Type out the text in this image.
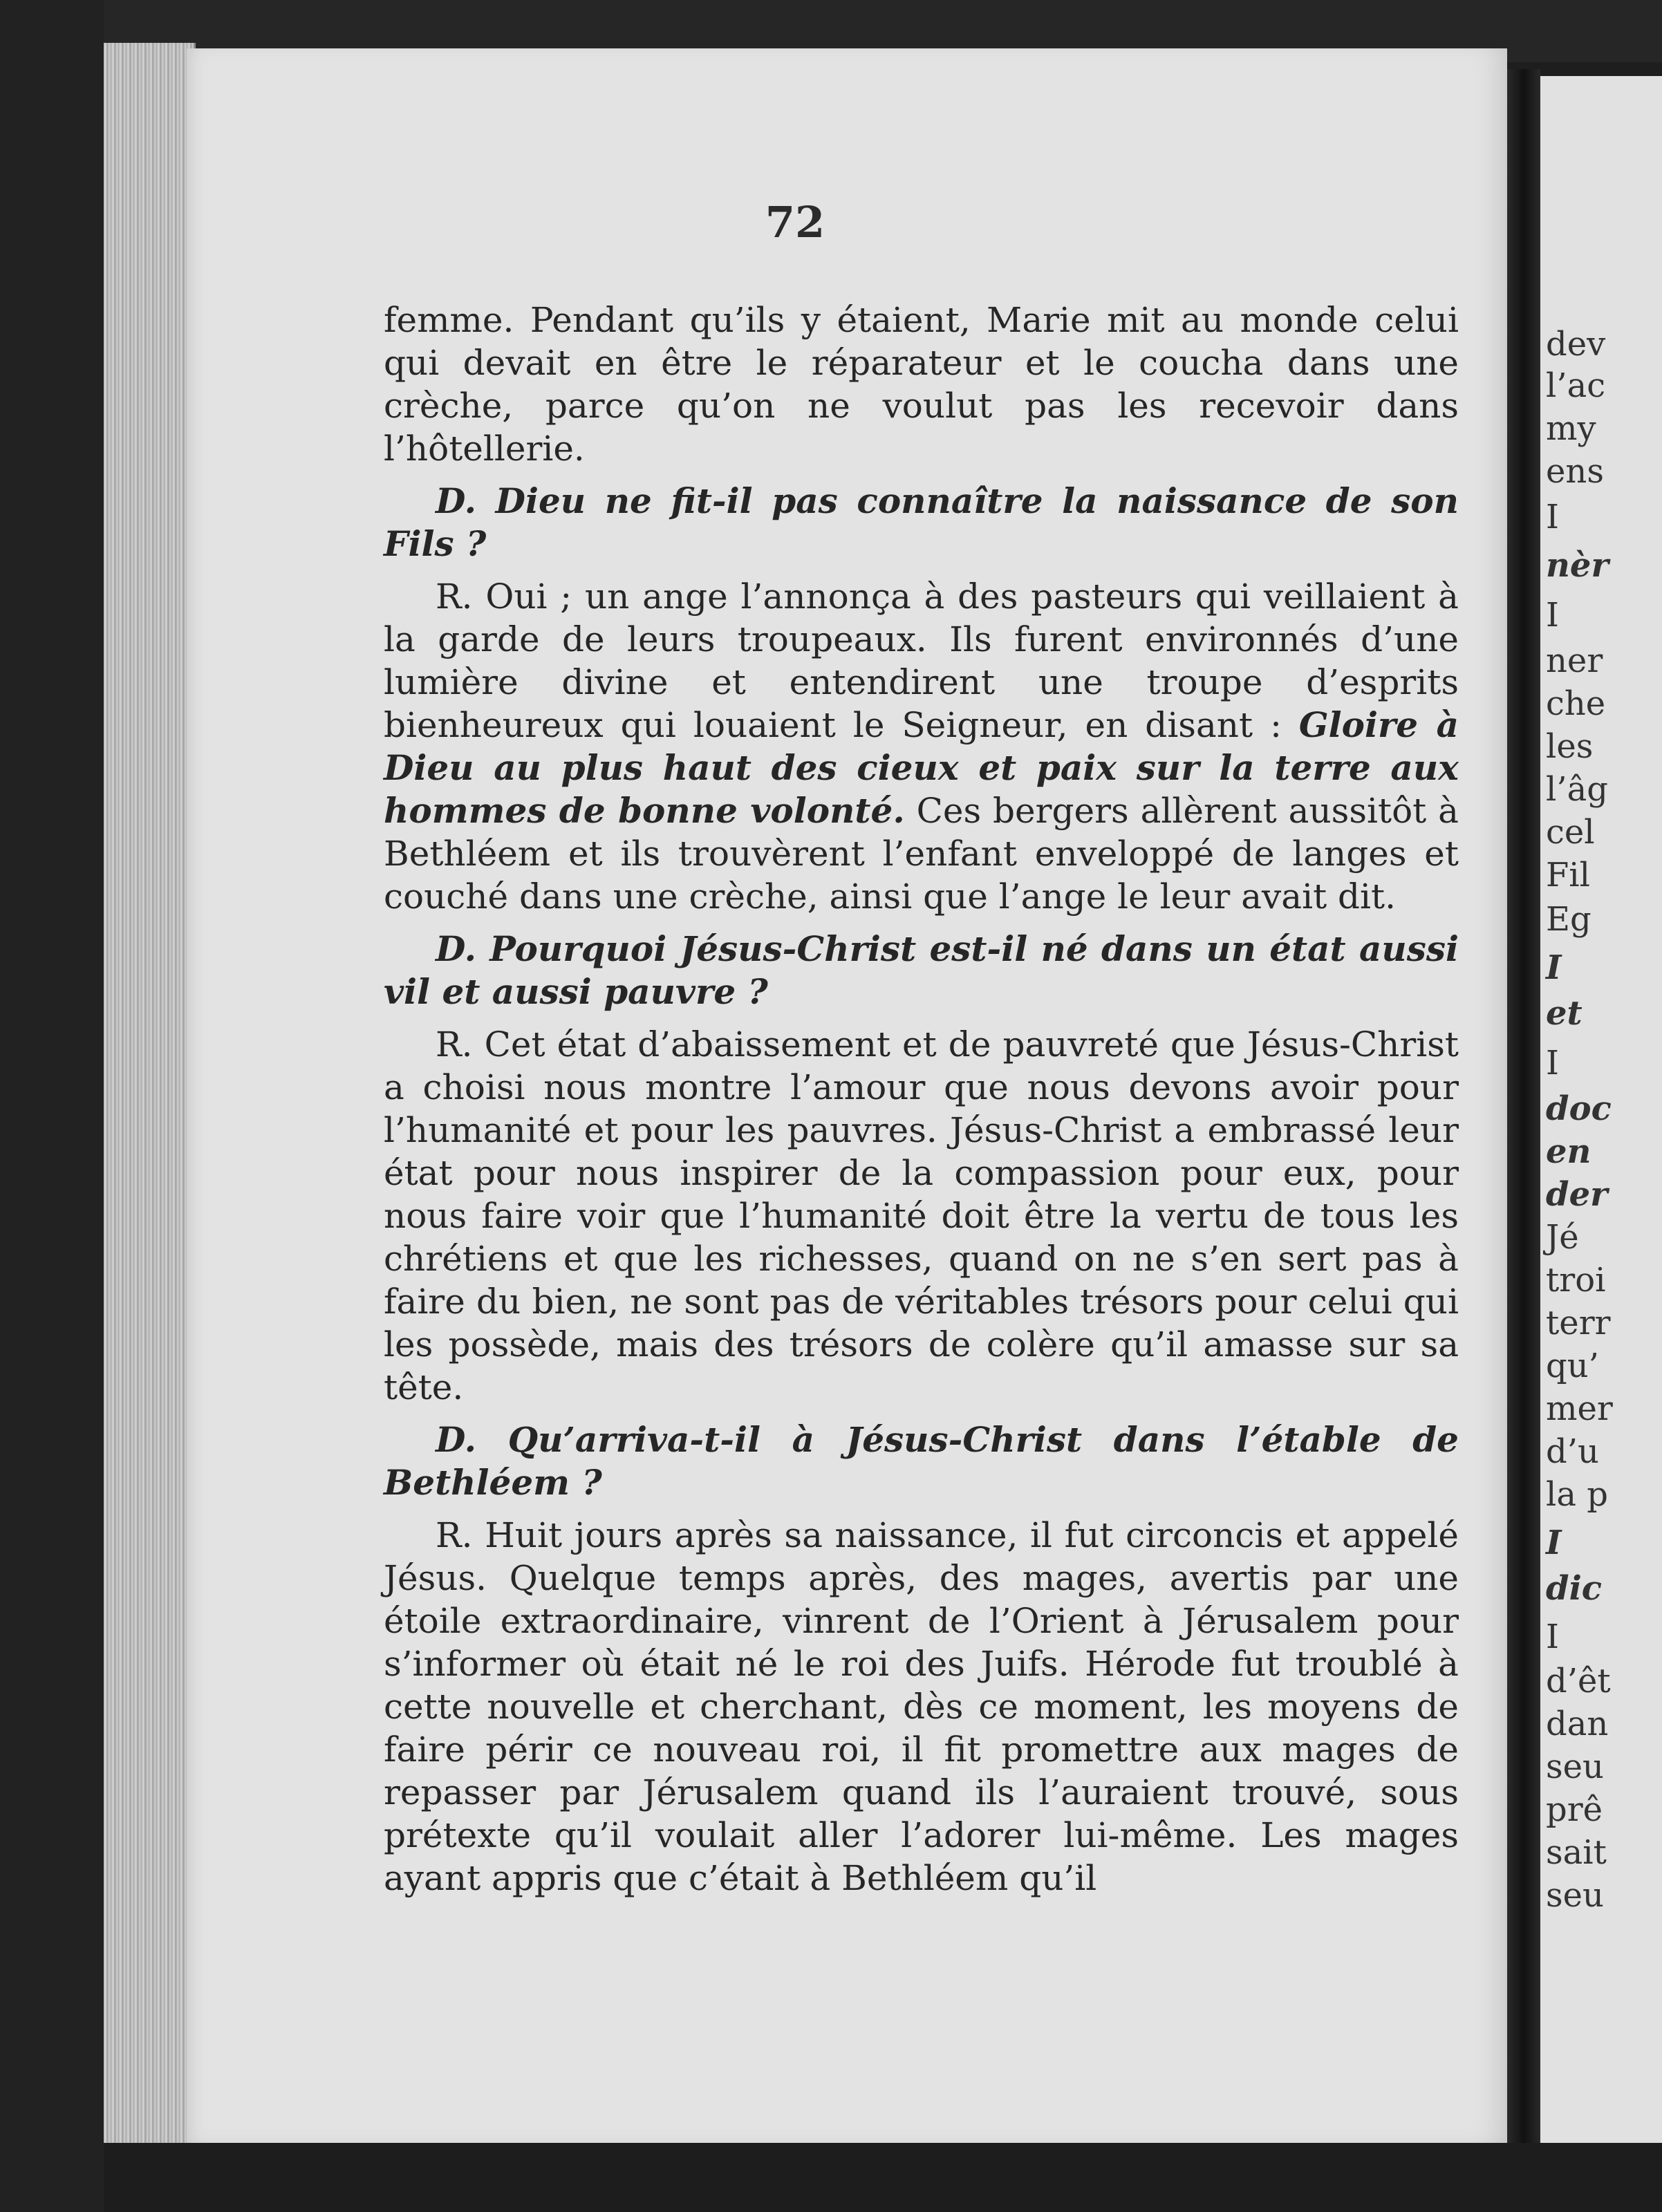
72

femme. Pendant qu’ils y étaient, Marie mit au monde celui qui devait en être le réparateur et le coucha dans une crèche, parce qu’on ne voulut pas les recevoir dans l’hôtellerie.

D. Dieu ne fit-il pas connaître la naissance de son Fils ?

R. Oui ; un ange l’annonça à des pasteurs qui veillaient à la garde de leurs troupeaux. Ils furent environnés d’une lumière divine et entendirent une troupe d’esprits bienheureux qui louaient le Seigneur, en disant : Gloire à Dieu au plus haut des cieux et paix sur la terre aux hommes de bonne volonté. Ces bergers allèrent aussitôt à Bethléem et ils trouvèrent l’enfant enveloppé de langes et couché dans une crèche, ainsi que l’ange le leur avait dit.

D. Pourquoi Jésus-Christ est-il né dans un état aussi vil et aussi pauvre ?

R. Cet état d’abaissement et de pauvreté que Jésus-Christ a choisi nous montre l’amour que nous devons avoir pour l’humanité et pour les pauvres. Jésus-Christ a embrassé leur état pour nous inspirer de la compassion pour eux, pour nous faire voir que l’humanité doit être la vertu de tous les chrétiens et que les richesses, quand on ne s’en sert pas à faire du bien, ne sont pas de véritables trésors pour celui qui les possède, mais des trésors de colère qu’il amasse sur sa tête.

D. Qu’arriva-t-il à Jésus-Christ dans l’étable de Bethléem ?

R. Huit jours après sa naissance, il fut circoncis et appelé Jésus. Quelque temps après, des mages, avertis par une étoile extraordinaire, vinrent de l’Orient à Jérusalem pour s’informer où était né le roi des Juifs. Hérode fut troublé à cette nouvelle et cherchant, dès ce moment, les moyens de faire périr ce nouveau roi, il fit promettre aux mages de repasser par Jérusalem quand ils l’auraient trouvé, sous prétexte qu’il voulait aller l’adorer lui-même. Les mages ayant appris que c’était à Bethléem qu’il

dev
l’ac
my
ens
I
nèr
I
ner
che
les
l’âg
cel
Fil
Eg
I
et
I
doc
en
der
Jé
troi
terr
qu’
mer
d’u
la p
I
dic
I
d’êt
dan
seu
prê
sait
seu
